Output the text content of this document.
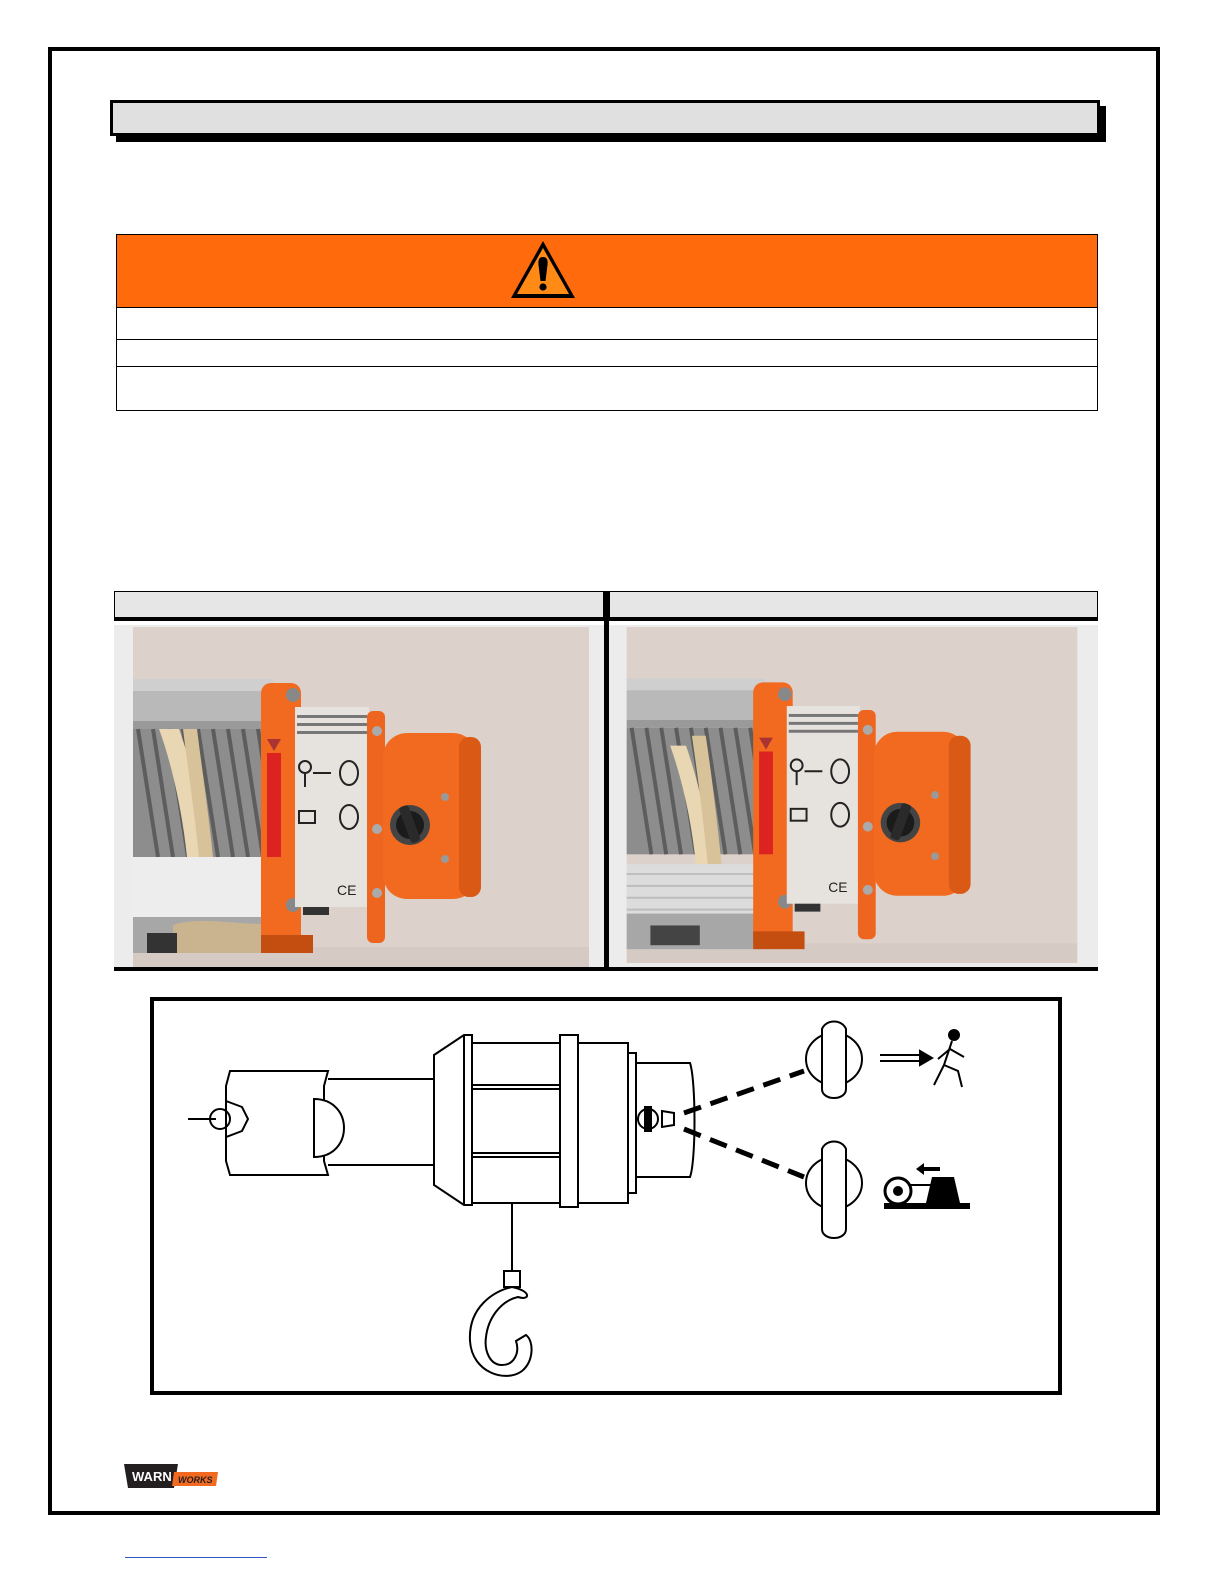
CE	CE
WARN WORKS
